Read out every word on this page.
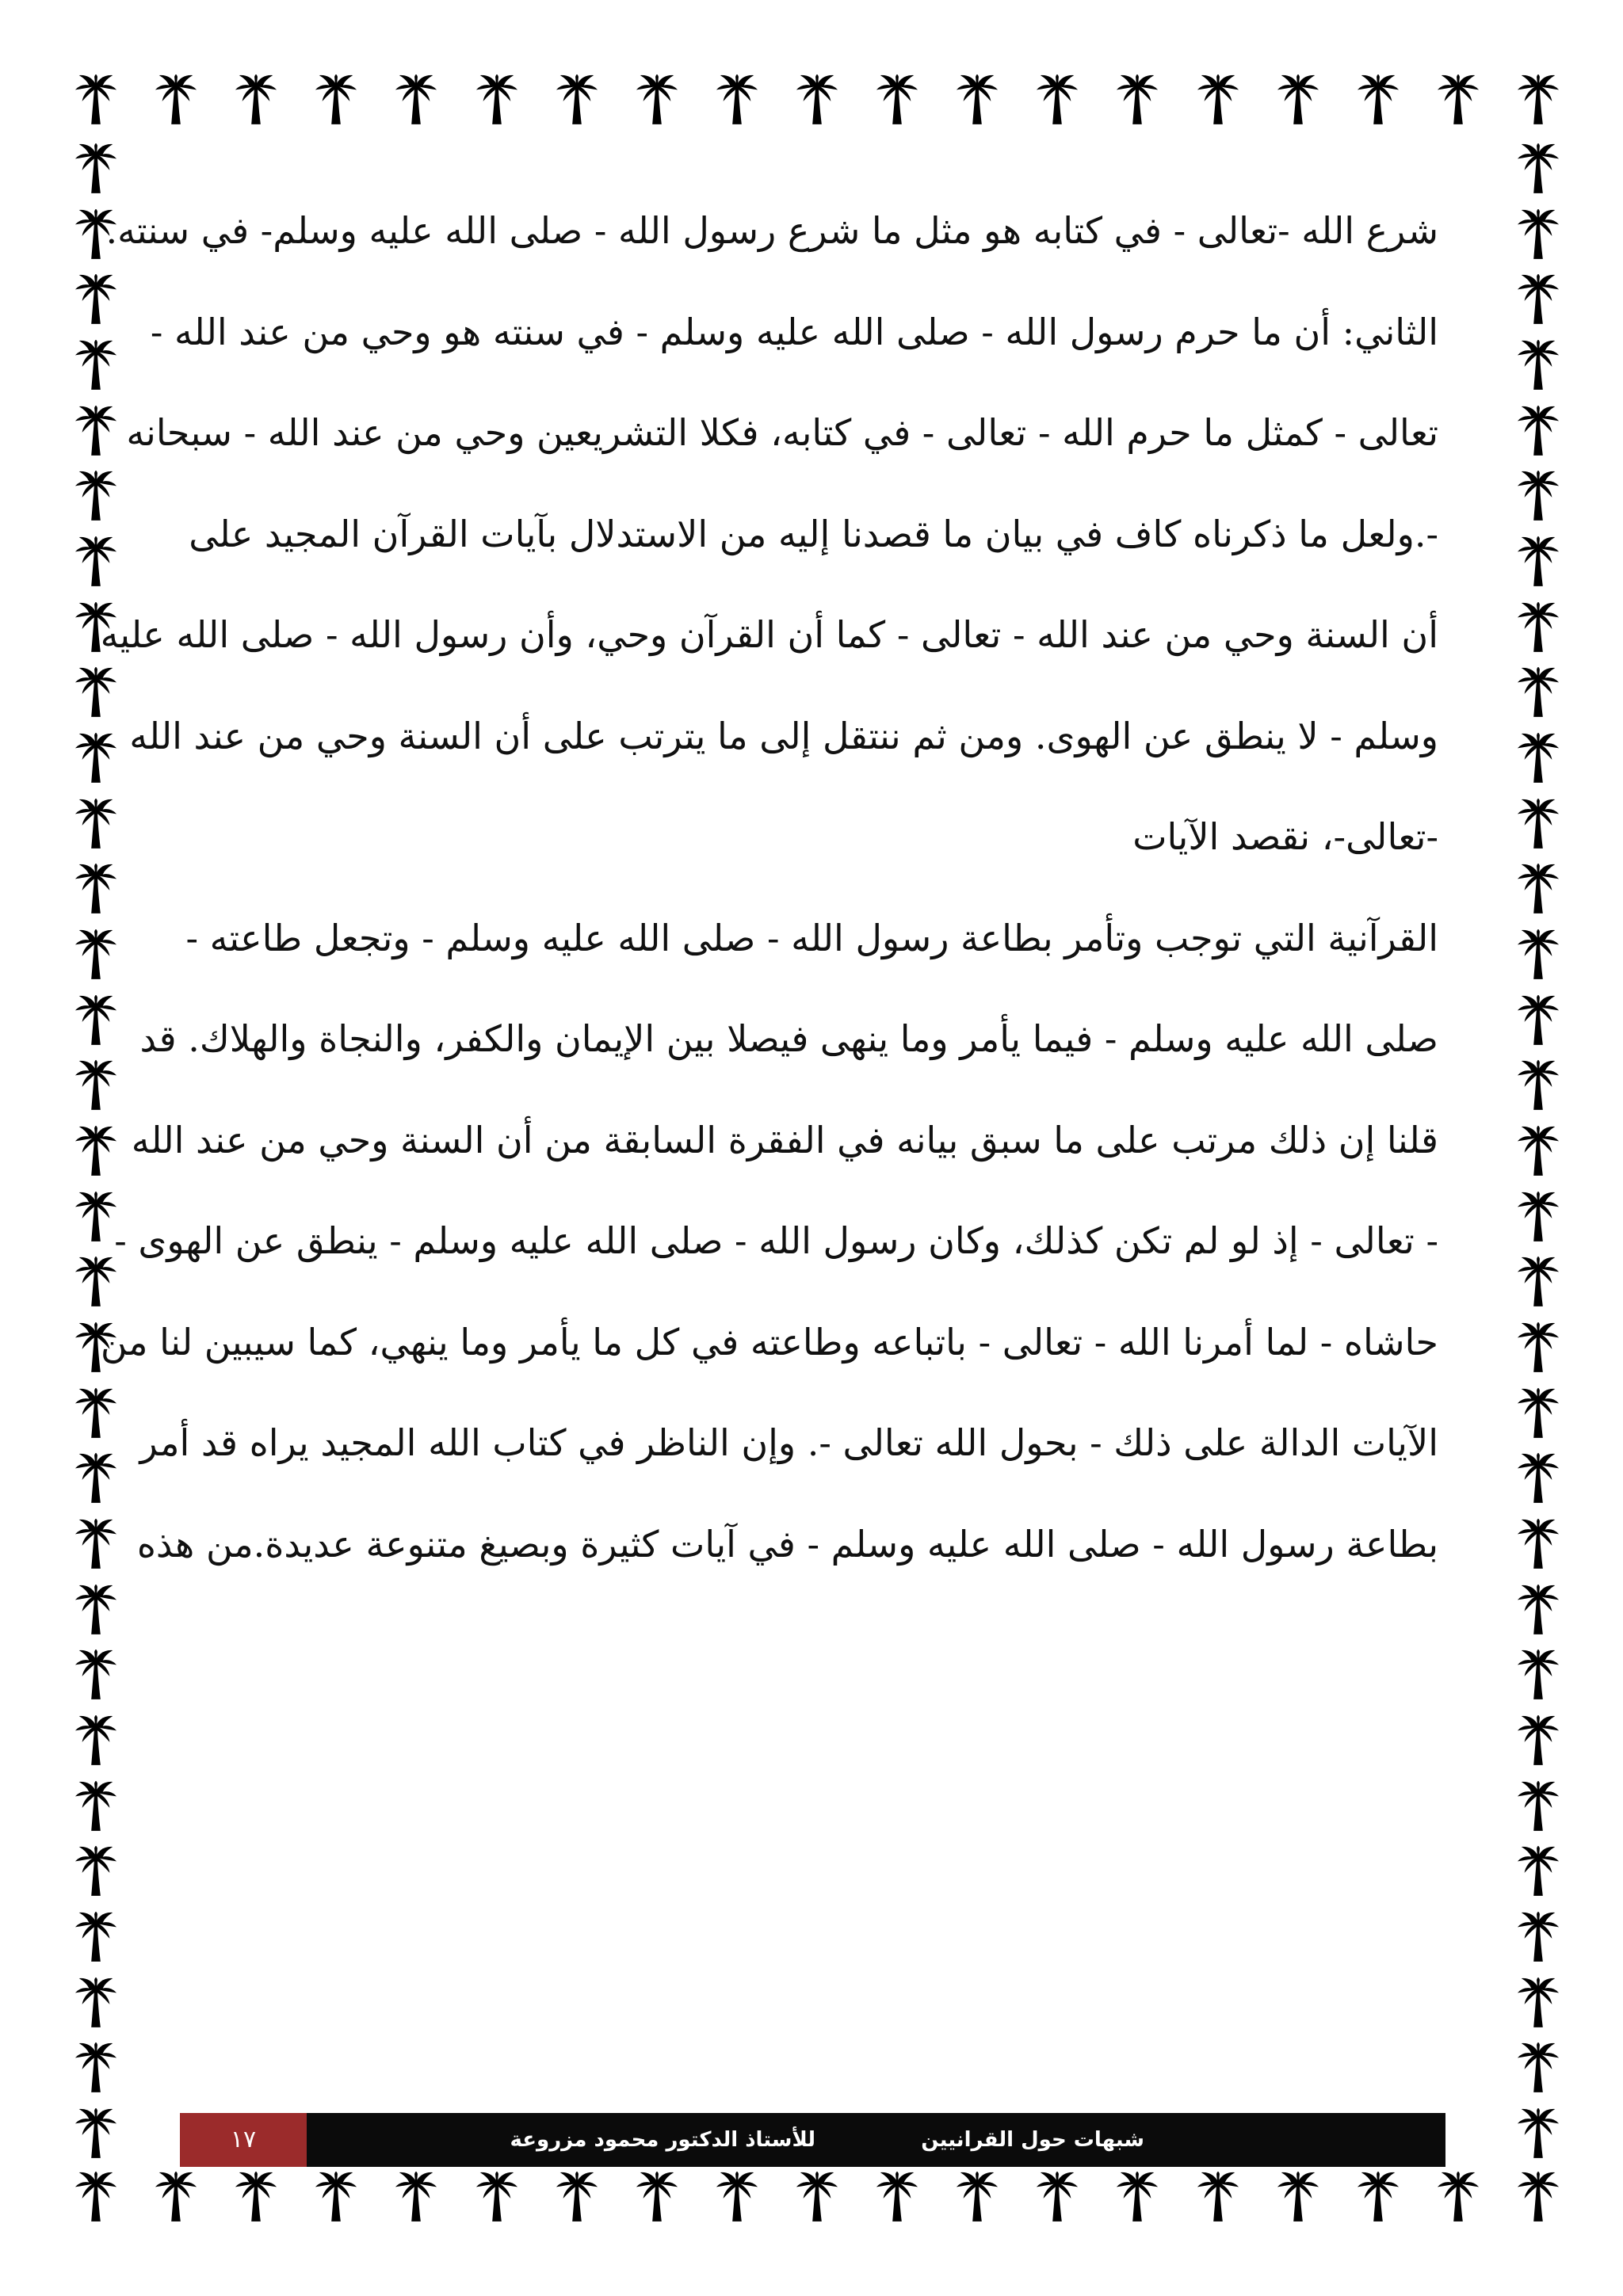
شرع الله -تعالى - في كتابه هو مثل ما شرع رسول الله - صلى الله عليه وسلم- في سنته.
الثاني: أن ما حرم رسول الله - صلى الله عليه وسلم - في سنته هو وحي من عند الله -
تعالى - كمثل ما حرم الله - تعالى - في كتابه، فكلا التشريعين وحي من عند الله - سبحانه
-.ولعل ما ذكرناه كاف في بيان ما قصدنا إليه من الاستدلال بآيات القرآن المجيد على
أن السنة وحي من عند الله - تعالى - كما أن القرآن وحي، وأن رسول الله - صلى الله عليه
وسلم - لا ينطق عن الهوى. ومن ثم ننتقل إلى ما يترتب على أن السنة وحي من عند الله
-تعالى-، نقصد الآيات
القرآنية التي توجب وتأمر بطاعة رسول الله - صلى الله عليه وسلم - وتجعل طاعته -
صلى الله عليه وسلم - فيما يأمر وما ينهى فيصلا بين الإيمان والكفر، والنجاة والهلاك. قد
قلنا إن ذلك مرتب على ما سبق بيانه في الفقرة السابقة من أن السنة وحي من عند الله
- تعالى - إذ لو لم تكن كذلك، وكان رسول الله - صلى الله عليه وسلم - ينطق عن الهوى -
حاشاه - لما أمرنا الله - تعالى - باتباعه وطاعته في كل ما يأمر وما ينهي، كما سيبين لنا من
الآيات الدالة على ذلك - بحول الله تعالى -. وإن الناظر في كتاب الله المجيد يراه قد أمر
بطاعة رسول الله - صلى الله عليه وسلم - في آيات كثيرة وبصيغ متنوعة عديدة.من هذه
١٧	للأستاذ الدكتور محمود مزروعة	شبهات حول القرانيين
